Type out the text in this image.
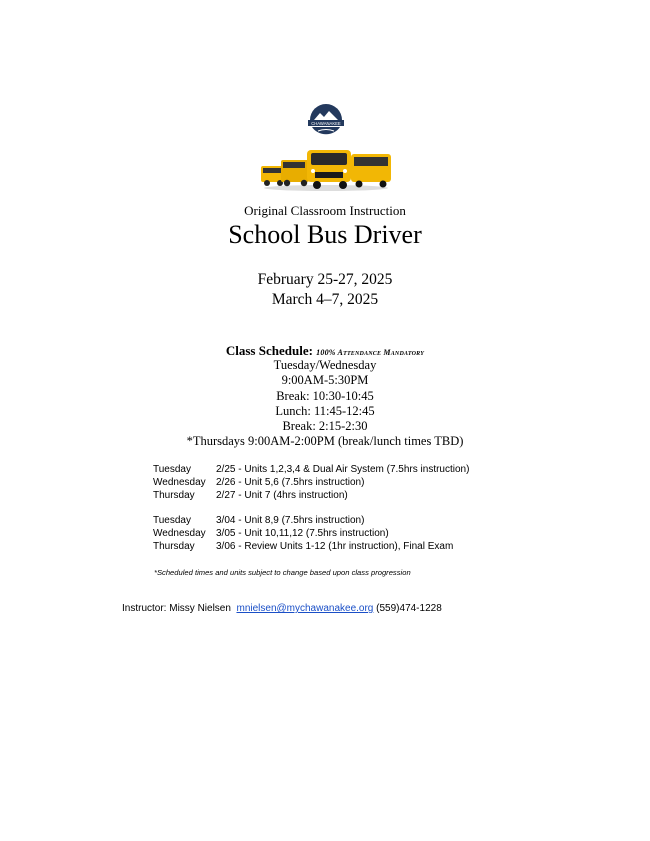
CHAWANAKEE
Original Classroom Instruction
School Bus Driver
February 25-27, 2025
March 4–7, 2025
Class Schedule: 100% Attendance Mandatory
Tuesday/Wednesday
9:00AM-5:30PM
Break: 10:30-10:45
Lunch: 11:45-12:45
Break: 2:15-2:30
*Thursdays 9:00AM-2:00PM (break/lunch times TBD)
Tuesday	2/25 - Units 1,2,3,4 & Dual Air System (7.5hrs instruction)
Wednesday	2/26 - Unit 5,6 (7.5hrs instruction)
Thursday	2/27 - Unit 7 (4hrs instruction)
Tuesday	3/04 - Unit 8,9 (7.5hrs instruction)
Wednesday	3/05 - Unit 10,11,12 (7.5hrs instruction)
Thursday	3/06 - Review Units 1-12 (1hr instruction), Final Exam
*Scheduled times and units subject to change based upon class progression
Instructor: Missy Nielsen mnielsen@mychawanakee.org (559)474-1228
